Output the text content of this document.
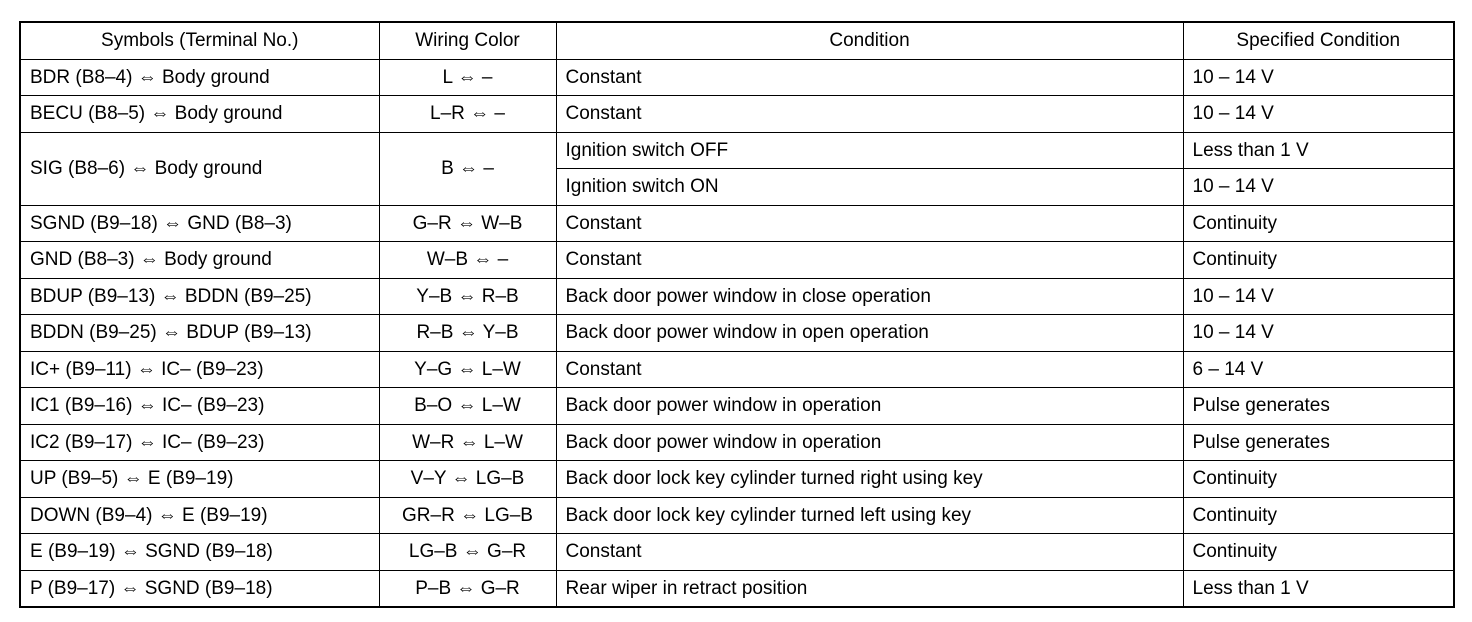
Symbols (Terminal No.)	Wiring Color	Condition	Specified Condition
BDR (B8–4) ⇔ Body ground	L ⇔ –	Constant	10 – 14 V
BECU (B8–5) ⇔ Body ground	L–R ⇔ –	Constant	10 – 14 V
SIG (B8–6) ⇔ Body ground	B ⇔ –	Ignition switch OFF	Less than 1 V
		Ignition switch ON	10 – 14 V
SGND (B9–18) ⇔ GND (B8–3)	G–R ⇔ W–B	Constant	Continuity
GND (B8–3) ⇔ Body ground	W–B ⇔ –	Constant	Continuity
BDUP (B9–13) ⇔ BDDN (B9–25)	Y–B ⇔ R–B	Back door power window in close operation	10 – 14 V
BDDN (B9–25) ⇔ BDUP (B9–13)	R–B ⇔ Y–B	Back door power window in open operation	10 – 14 V
IC+ (B9–11) ⇔ IC– (B9–23)	Y–G ⇔ L–W	Constant	6 – 14 V
IC1 (B9–16) ⇔ IC– (B9–23)	B–O ⇔ L–W	Back door power window in operation	Pulse generates
IC2 (B9–17) ⇔ IC– (B9–23)	W–R ⇔ L–W	Back door power window in operation	Pulse generates
UP (B9–5) ⇔ E (B9–19)	V–Y ⇔ LG–B	Back door lock key cylinder turned right using key	Continuity
DOWN (B9–4) ⇔ E (B9–19)	GR–R ⇔ LG–B	Back door lock key cylinder turned left using key	Continuity
E (B9–19) ⇔ SGND (B9–18)	LG–B ⇔ G–R	Constant	Continuity
P (B9–17) ⇔ SGND (B9–18)	P–B ⇔ G–R	Rear wiper in retract position	Less than 1 V
